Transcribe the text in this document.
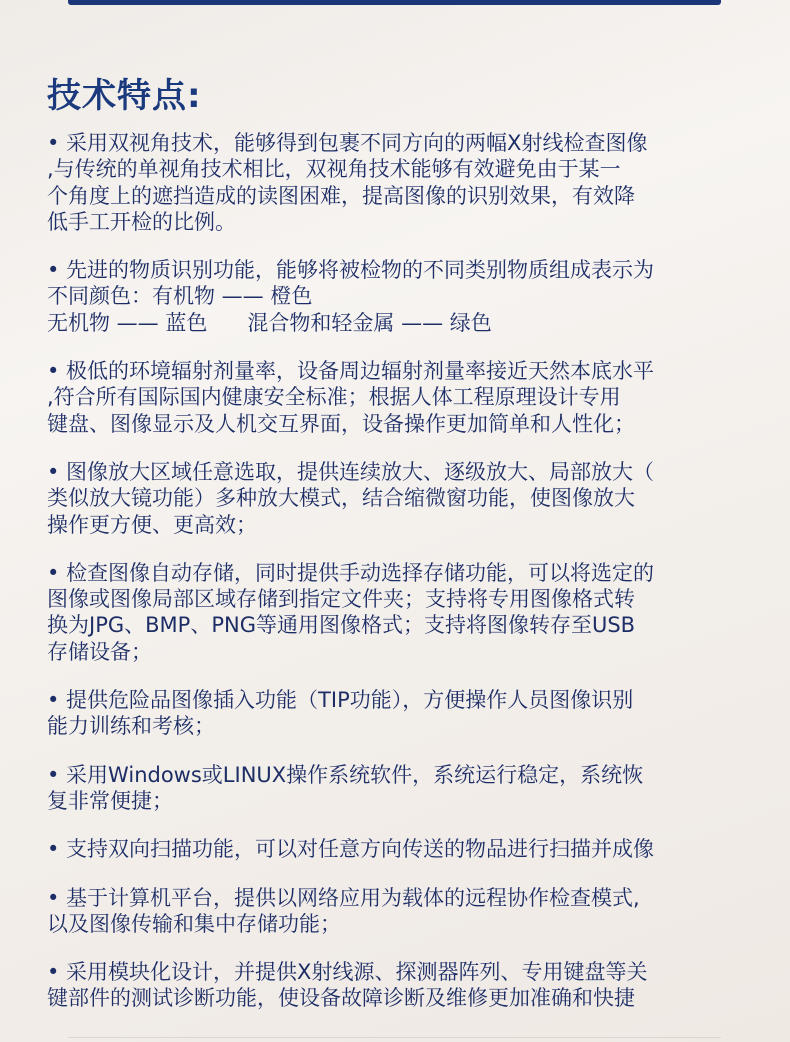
技术特点:
• 采用双视角技术，能够得到包裹不同方向的两幅X射线检查图像
,与传统的单视角技术相比，双视角技术能够有效避免由于某一
个角度上的遮挡造成的读图困难，提高图像的识别效果，有效降
低手工开检的比例。
• 先进的物质识别功能，能够将被检物的不同类别物质组成表示为
不同颜色：有机物 —— 橙色
无机物 —— 蓝色      混合物和轻金属 —— 绿色
• 极低的环境辐射剂量率，设备周边辐射剂量率接近天然本底水平
,符合所有国际国内健康安全标准；根据人体工程原理设计专用
键盘、图像显示及人机交互界面，设备操作更加简单和人性化；
• 图像放大区域任意选取，提供连续放大、逐级放大、局部放大（
类似放大镜功能）多种放大模式，结合缩微窗功能，使图像放大
操作更方便、更高效；
• 检查图像自动存储，同时提供手动选择存储功能，可以将选定的
图像或图像局部区域存储到指定文件夹；支持将专用图像格式转
换为JPG、BMP、PNG等通用图像格式；支持将图像转存至USB
存储设备；
• 提供危险品图像插入功能（TIP功能），方便操作人员图像识别
能力训练和考核；
• 采用Windows或LINUX操作系统软件，系统运行稳定，系统恢
复非常便捷；
• 支持双向扫描功能，可以对任意方向传送的物品进行扫描并成像
• 基于计算机平台，提供以网络应用为载体的远程协作检查模式,
以及图像传输和集中存储功能；
• 采用模块化设计，并提供X射线源、探测器阵列、专用键盘等关
键部件的测试诊断功能，使设备故障诊断及维修更加准确和快捷
